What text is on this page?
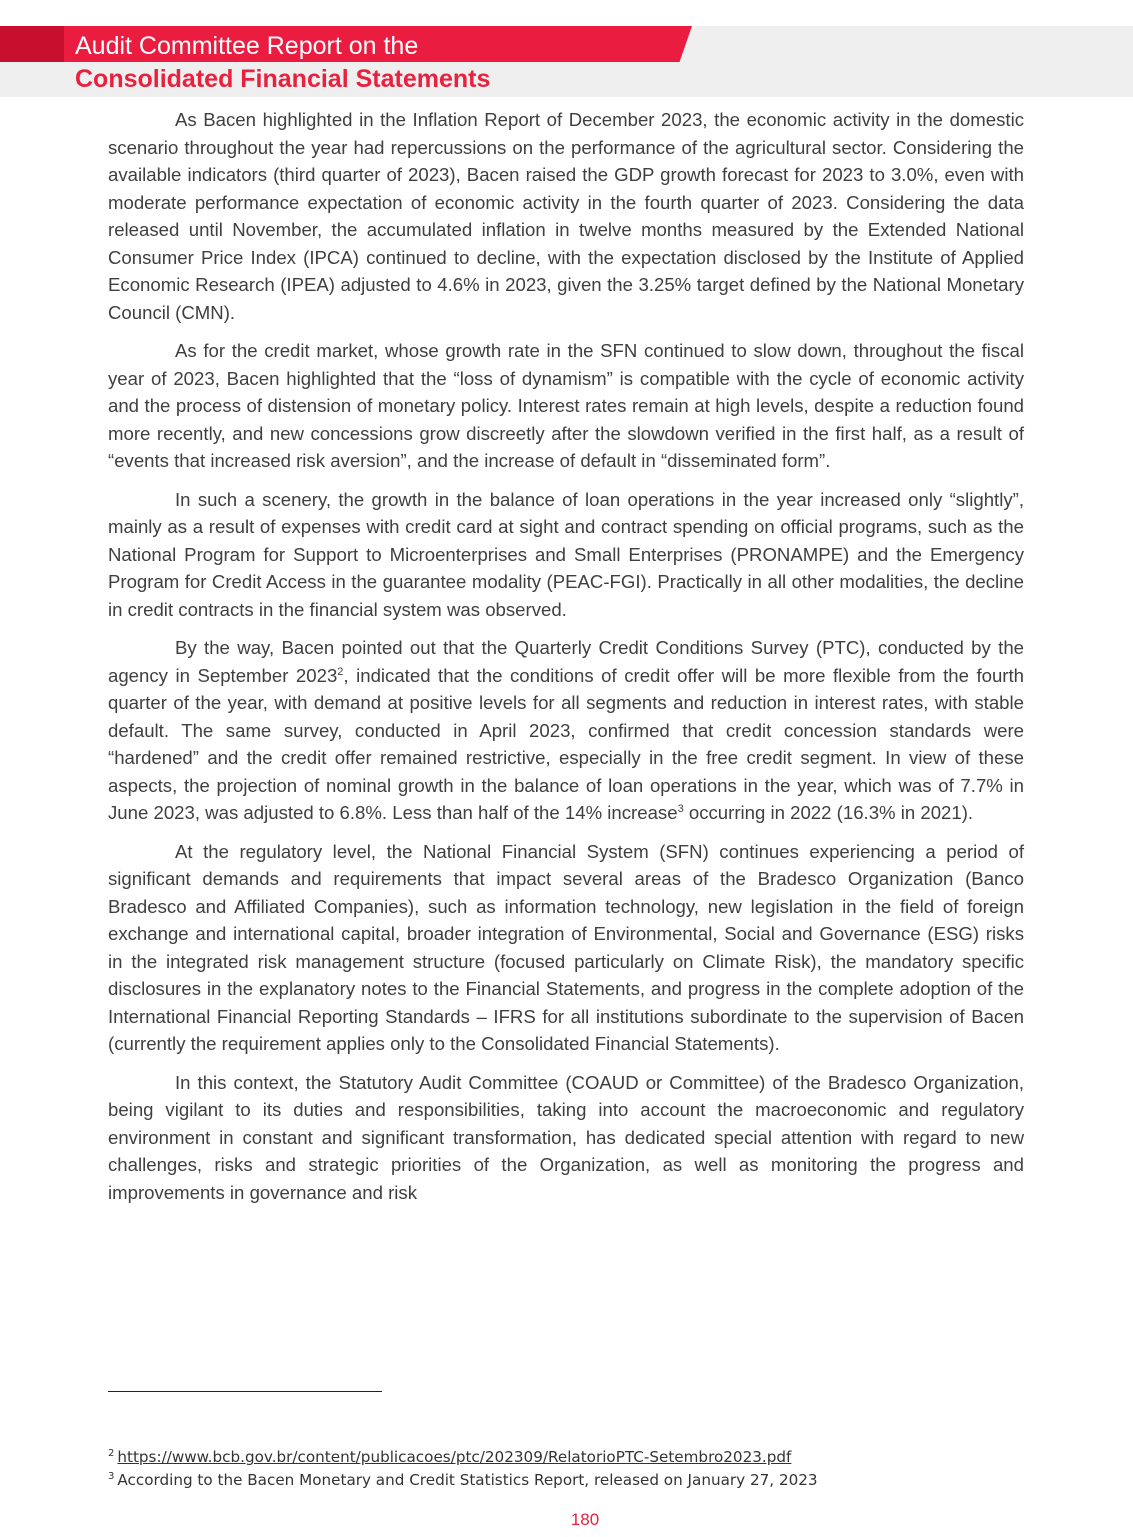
Audit Committee Report on the
Consolidated Financial Statements

As Bacen highlighted in the Inflation Report of December 2023, the economic activity in the domestic scenario throughout the year had repercussions on the performance of the agricultural sector. Considering the available indicators (third quarter of 2023), Bacen raised the GDP growth forecast for 2023 to 3.0%, even with moderate performance expectation of economic activity in the fourth quarter of 2023. Considering the data released until November, the accumulated inflation in twelve months measured by the Extended National Consumer Price Index (IPCA) continued to decline, with the expectation disclosed by the Institute of Applied Economic Research (IPEA) adjusted to 4.6% in 2023, given the 3.25% target defined by the National Monetary Council (CMN).

As for the credit market, whose growth rate in the SFN continued to slow down, throughout the fiscal year of 2023, Bacen highlighted that the “loss of dynamism” is compatible with the cycle of economic activity and the process of distension of monetary policy. Interest rates remain at high levels, despite a reduction found more recently, and new concessions grow discreetly after the slowdown verified in the first half, as a result of “events that increased risk aversion”, and the increase of default in “disseminated form”.

In such a scenery, the growth in the balance of loan operations in the year increased only “slightly”, mainly as a result of expenses with credit card at sight and contract spending on official programs, such as the National Program for Support to Microenterprises and Small Enterprises (PRONAMPE) and the Emergency Program for Credit Access in the guarantee modality (PEAC-FGI). Practically in all other modalities, the decline in credit contracts in the financial system was observed.

By the way, Bacen pointed out that the Quarterly Credit Conditions Survey (PTC), conducted by the agency in September 2023$^2$, indicated that the conditions of credit offer will be more flexible from the fourth quarter of the year, with demand at positive levels for all segments and reduction in interest rates, with stable default. The same survey, conducted in April 2023, confirmed that credit concession standards were “hardened” and the credit offer remained restrictive, especially in the free credit segment. In view of these aspects, the projection of nominal growth in the balance of loan operations in the year, which was of 7.7% in June 2023, was adjusted to 6.8%. Less than half of the 14% increase$^3$ occurring in 2022 (16.3% in 2021).

At the regulatory level, the National Financial System (SFN) continues experiencing a period of significant demands and requirements that impact several areas of the Bradesco Organization (Banco Bradesco and Affiliated Companies), such as information technology, new legislation in the field of foreign exchange and international capital, broader integration of Environmental, Social and Governance (ESG) risks in the integrated risk management structure (focused particularly on Climate Risk), the mandatory specific disclosures in the explanatory notes to the Financial Statements, and progress in the complete adoption of the International Financial Reporting Standards – IFRS for all institutions subordinate to the supervision of Bacen (currently the requirement applies only to the Consolidated Financial Statements).

In this context, the Statutory Audit Committee (COAUD or Committee) of the Bradesco Organization, being vigilant to its duties and responsibilities, taking into account the macroeconomic and regulatory environment in constant and significant transformation, has dedicated special attention with regard to new challenges, risks and strategic priorities of the Organization, as well as monitoring the progress and improvements in governance and risk

$^2$ https://www.bcb.gov.br/content/publicacoes/ptc/202309/RelatorioPTC-Setembro2023.pdf
$^3$ According to the Bacen Monetary and Credit Statistics Report, released on January 27, 2023
180
